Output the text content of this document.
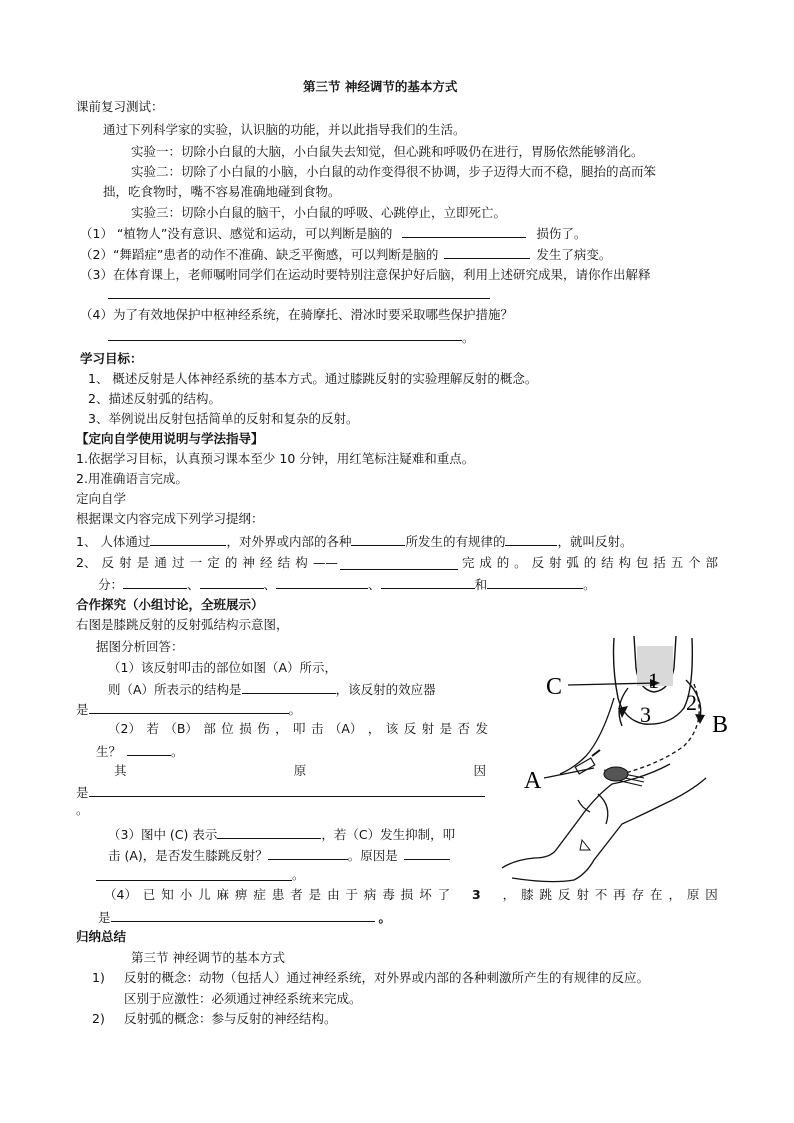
第三节 神经调节的基本方式
课前复习测试：
通过下列科学家的实验，认识脑的功能，并以此指导我们的生活。
实验一：切除小白鼠的大脑，小白鼠失去知觉，但心跳和呼吸仍在进行，胃肠依然能够消化。
实验二：切除了小白鼠的小脑，小白鼠的动作变得很不协调，步子迈得大而不稳，腿抬的高而笨
拙，吃食物时，嘴不容易准确地碰到食物。
实验三：切除小白鼠的脑干，小白鼠的呼吸、心跳停止，立即死亡。
（1） “植物人”没有意识、感觉和运动，可以判断是脑的	损伤了。
（2）“舞蹈症”患者的动作不准确、缺乏平衡感，可以判断是脑的	发生了病变。
（3）在体育课上，老师嘱咐同学们在运动时要特别注意保护好后脑，利用上述研究成果，请你作出解释
（4）为了有效地保护中枢神经系统，在骑摩托、滑冰时要采取哪些保护措施？
。
学习目标：
1、 概述反射是人体神经系统的基本方式。通过膝跳反射的实验理解反射的概念。
2、描述反射弧的结构。
3、举例说出反射包括简单的反射和复杂的反射。
【定向自学使用说明与学法指导】
1.依据学习目标，认真预习课本至少 10 分钟，用红笔标注疑难和重点。
2.用准确语言完成。
定向自学
根据课文内容完成下列学习提纲：
1、 人体通过	，对外界或内部的各种	所发生的有规律的	，就叫反射。
2、 反 射 是 通 过 一 定 的 神 经 结 构 ——	完 成 的 。 反 射 弧 的 结 构 包 括 五 个 部
分：	、	、	、	和	。
合作探究（小组讨论，全班展示）
右图是膝跳反射的反射弧结构示意图，
据图分析回答：
（1）该反射叩击的部位如图（A）所示，
则（A）所表示的结构是	，该反射的效应器
是	。
（2） 若 （B） 部 位 损 伤 ， 叩 击 （A） ， 该 反 射 是 否 发
生？	。
其	原	因
是
。
（3）图中 (C) 表示	，若（C）发生抑制，叩
击 (A)，是否发生膝跳反射？	。原因是
。
（4） 已 知 小 儿 麻 痹 症 患 者 是 由 于 病 毒 损 坏 了 3 ， 膝 跳 反 射 不 再 存 在 ， 原 因
是	。
归纳总结
第三节 神经调节的基本方式
1) 反射的概念：动物（包括人）通过神经系统，对外界或内部的各种刺激所产生的有规律的反应。
区别于应激性：必须通过神经系统来完成。
2) 反射弧的概念：参与反射的神经结构。
C	1
2
3	B
A
